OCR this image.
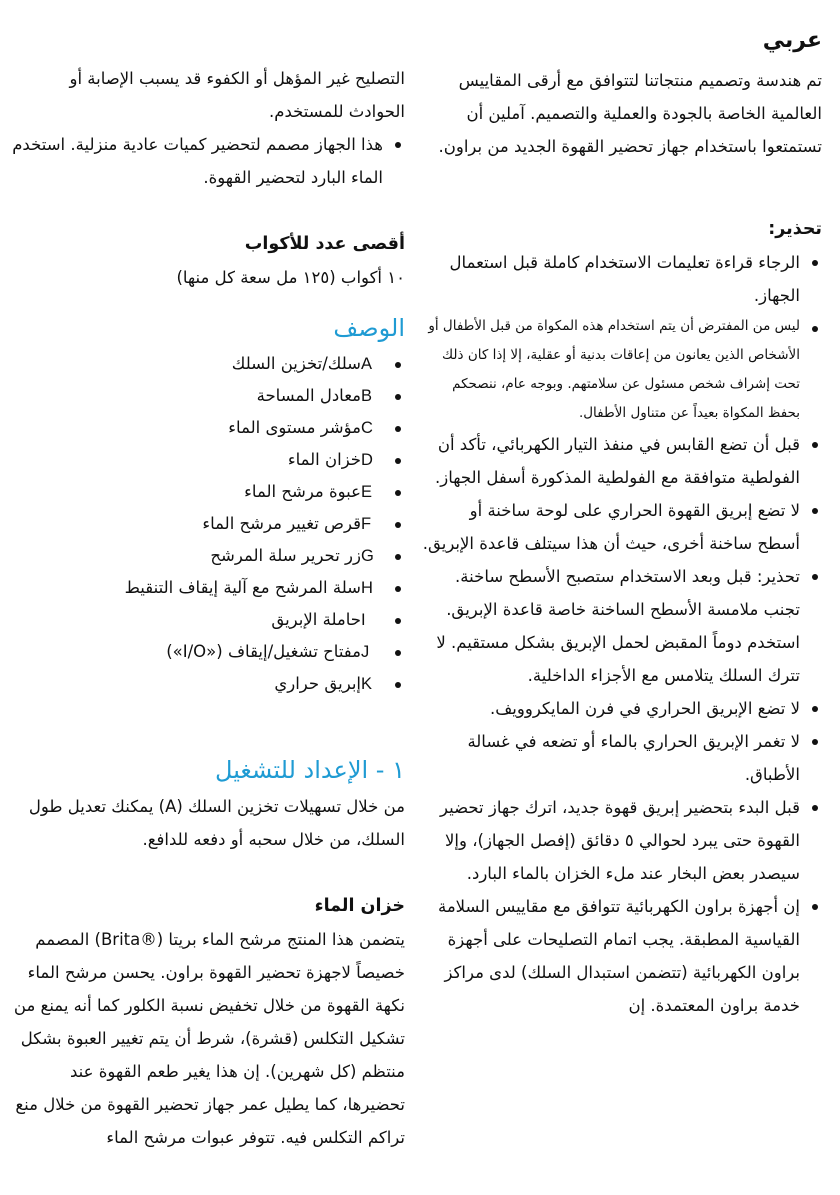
عربي

تم هندسة وتصميم منتجاتنا لتتوافق مع أرقى المقاييس العالمية الخاصة بالجودة والعملية والتصميم. آملين أن تستمتعوا باستخدام جهاز تحضير القهوة الجديد من براون.

تحذير:
الرجاء قراءة تعليمات الاستخدام كاملة قبل استعمال الجهاز.
ليس من المفترض أن يتم استخدام هذه المكواة من قبل الأطفال أو الأشخاص الذين يعانون من إعاقات بدنية أو عقلية، إلا إذا كان ذلك تحت إشراف شخص مسئول عن سلامتهم. وبوجه عام، ننصحكم بحفظ المكواة بعيداً عن متناول الأطفال.
قبل أن تضع القابس في منفذ التيار الكهربائي، تأكد أن الفولطية متوافقة مع الفولطية المذكورة أسفل الجهاز.
لا تضع إبريق القهوة الحراري على لوحة ساخنة أو أسطح ساخنة أخرى، حيث أن هذا سيتلف قاعدة الإبريق.
تحذير: قبل وبعد الاستخدام ستصبح الأسطح ساخنة. تجنب ملامسة الأسطح الساخنة خاصة قاعدة الإبريق. استخدم دوماً المقبض لحمل الإبريق بشكل مستقيم. لا تترك السلك يتلامس مع الأجزاء الداخلية.
لا تضع الإبريق الحراري في فرن المايكروويف.
لا تغمر الإبريق الحراري بالماء أو تضعه في غسالة الأطباق.
قبل البدء بتحضير إبريق قهوة جديد، اترك جهاز تحضير القهوة حتى يبرد لحوالي ٥ دقائق (إفصل الجهاز)، وإلا سيصدر بعض البخار عند ملء الخزان بالماء البارد.
إن أجهزة براون الكهربائية تتوافق مع مقاييس السلامة القياسية المطبقة. يجب اتمام التصليحات على أجهزة براون الكهربائية (تتضمن استبدال السلك) لدى مراكز خدمة براون المعتمدة. إن

التصليح غير المؤهل أو الكفوء قد يسبب الإصابة أو الحوادث للمستخدم.

هذا الجهاز مصمم لتحضير كميات عادية منزلية. استخدم الماء البارد لتحضير القهوة.
أقصى عدد للأكواب

١٠ أكواب (١٢٥ مل سعة كل منها)

الوصف
A
سلك/تخزين السلك
B
معادل المساحة
C
مؤشر مستوى الماء
D
خزان الماء
E
عبوة مرشح الماء
F
قرص تغيير مرشح الماء
G
زر تحرير سلة المرشح
H
سلة المرشح مع آلية إيقاف التنقيط
I
حاملة الإبريق
J
مفتاح تشغيل/إيقاف («I/O»)
K
إبريق حراري
١ - الإعداد للتشغيل

من خلال تسهيلات تخزين السلك (A) يمكنك تعديل طول السلك، من خلال سحبه أو دفعه للدافع.

خزان الماء

يتضمن هذا المنتج مرشح الماء بريتا (®Brita) المصمم خصيصاً لاجهزة تحضير القهوة براون. يحسن مرشح الماء نكهة القهوة من خلال تخفيض نسبة الكلور كما أنه يمنع من تشكيل التكلس (قشرة)، شرط أن يتم تغيير العبوة بشكل منتظم (كل شهرين). إن هذا يغير طعم القهوة عند تحضيرها، كما يطيل عمر جهاز تحضير القهوة من خلال منع تراكم التكلس فيه. تتوفر عبوات مرشح الماء
